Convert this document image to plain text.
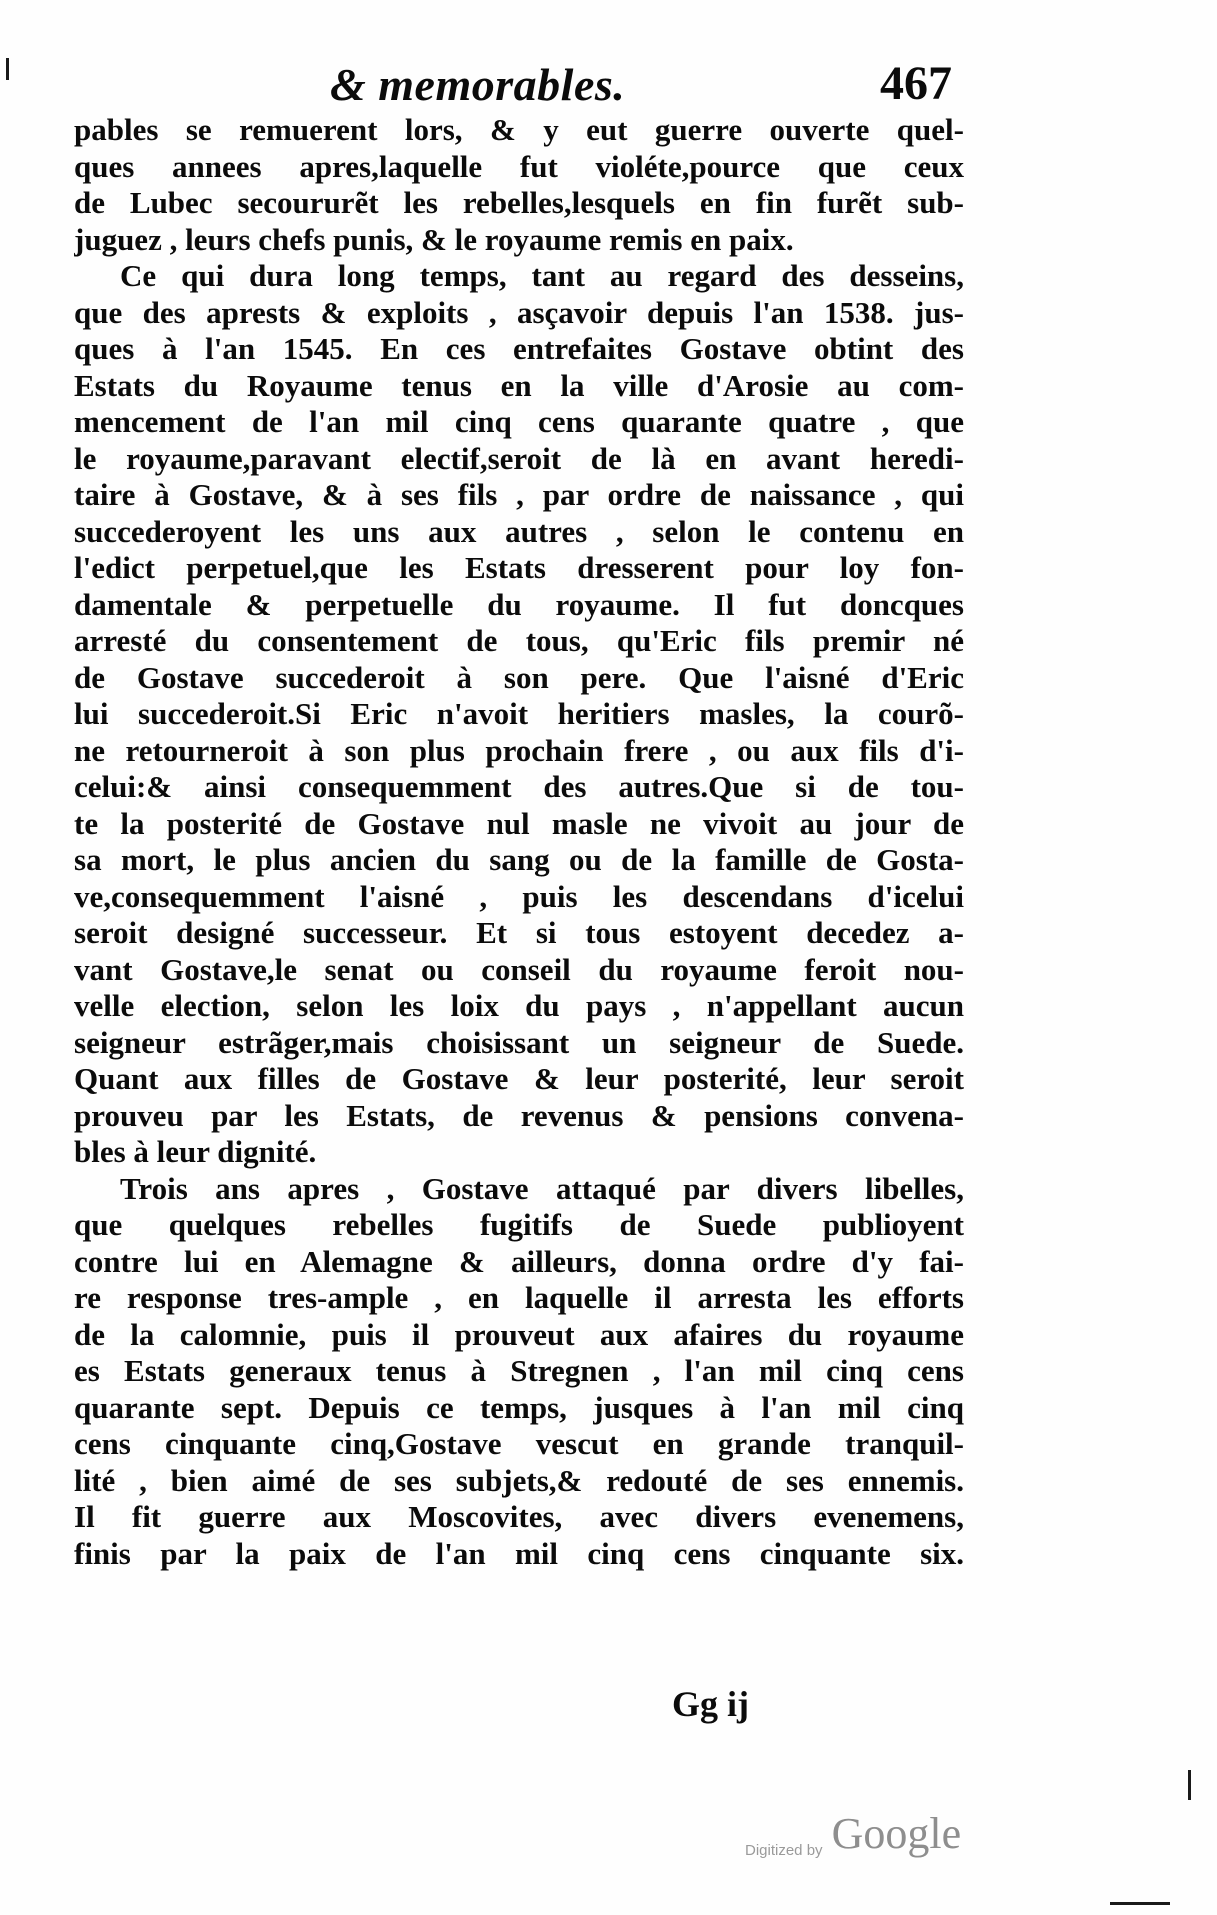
& memorables.	467
pables se remuerent lors, & y eut guerre ouverte quel-
ques annees apres,laquelle fut violéte,pource que ceux
de Lubec secoururẽt les rebelles,lesquels en fin furẽt sub-
juguez , leurs chefs punis, & le royaume remis en paix.
Ce qui dura long temps, tant au regard des desseins,
que des aprests & exploits , asçavoir depuis l'an 1538. jus-
ques à l'an 1545. En ces entrefaites Gostave obtint des
Estats du Royaume tenus en la ville d'Arosie au com-
mencement de l'an mil cinq cens quarante quatre , que
le royaume,paravant electif,seroit de là en avant heredi-
taire à Gostave, & à ses fils , par ordre de naissance , qui
succederoyent les uns aux autres , selon le contenu en
l'edict perpetuel,que les Estats dresserent pour loy fon-
damentale & perpetuelle du royaume. Il fut doncques
arresté du consentement de tous, qu'Eric fils premir né
de Gostave succederoit à son pere. Que l'aisné d'Eric
lui succederoit.Si Eric n'avoit heritiers masles, la courõ-
ne retourneroit à son plus prochain frere , ou aux fils d'i-
celui:& ainsi consequemment des autres.Que si de tou-
te la posterité de Gostave nul masle ne vivoit au jour de
sa mort, le plus ancien du sang ou de la famille de Gosta-
ve,consequemment l'aisné , puis les descendans d'icelui
seroit designé successeur. Et si tous estoyent decedez a-
vant Gostave,le senat ou conseil du royaume feroit nou-
velle election, selon les loix du pays , n'appellant aucun
seigneur estrãger,mais choisissant un seigneur de Suede.
Quant aux filles de Gostave & leur posterité, leur seroit
prouveu par les Estats, de revenus & pensions convena-
bles à leur dignité.
Trois ans apres , Gostave attaqué par divers libelles,
que quelques rebelles fugitifs de Suede publioyent
contre lui en Alemagne & ailleurs, donna ordre d'y fai-
re response tres-ample , en laquelle il arresta les efforts
de la calomnie, puis il prouveut aux afaires du royaume
es Estats generaux tenus à Stregnen , l'an mil cinq cens
quarante sept. Depuis ce temps, jusques à l'an mil cinq
cens cinquante cinq,Gostave vescut en grande tranquil-
lité , bien aimé de ses subjets,& redouté de ses ennemis.
Il fit guerre aux Moscovites, avec divers evenemens,
finis par la paix de l'an mil cinq cens cinquante six.
Gg ij
Digitized by Google
